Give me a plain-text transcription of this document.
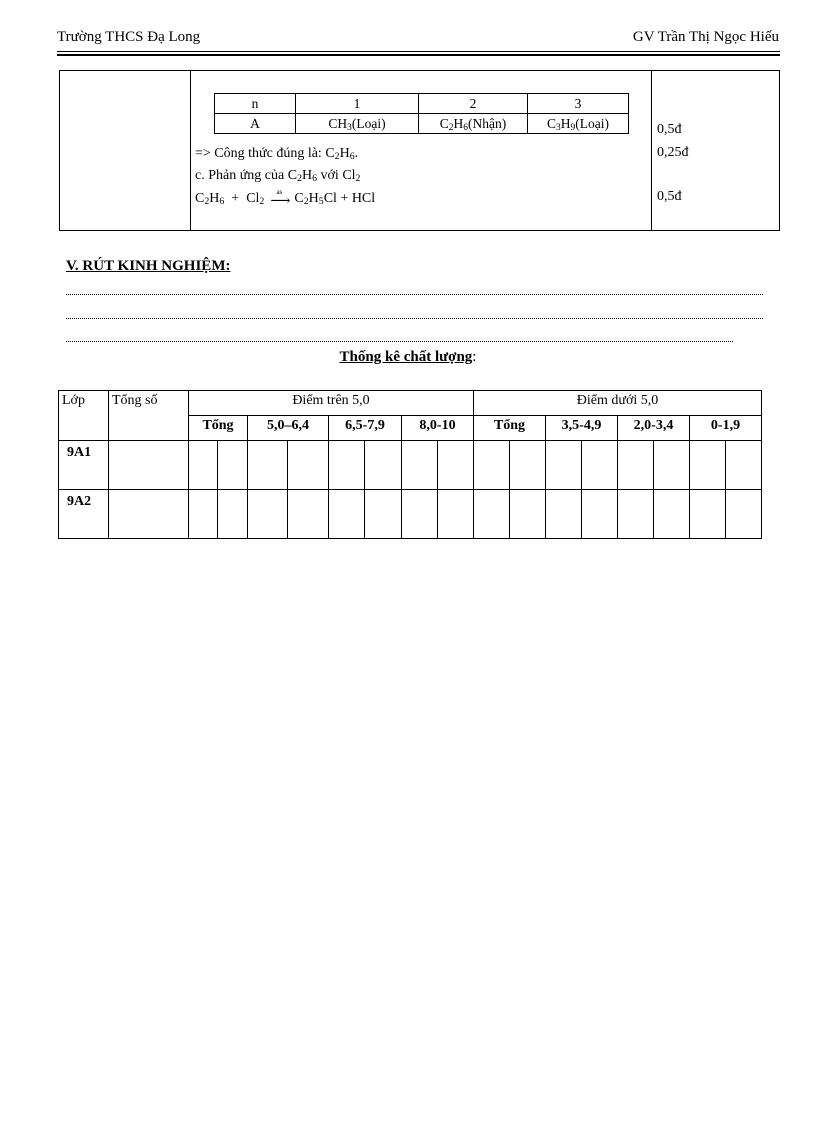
Trường THCS Đạ Long	GV Trần Thị Ngọc Hiếu
n	1	2	3
A	$CH_3(Loại)$	$C_2H_6(Nhận)$	$C_3H_9(Loại)$
=> Công thức đúng là: $C_2H_6$.
c. Phản ứng của $C_2H_6$ với $Cl_2$
$C_2H_6 + Cl_2$
as
⟶ $C_2H_5Cl$ + HCl
0,5đ
0,25đ
0,5đ
V. RÚT KINH NGHIỆM:
Thống kê chất lượng:
Lớp	Tổng số	Điểm trên 5,0								Điểm dưới 5,0							
		Tổng		5,0–6,4		6,5-7,9		8,0-10		Tổng		3,5-4,9		2,0-3,4		0-1,9	
9A1																	
9A2																	
